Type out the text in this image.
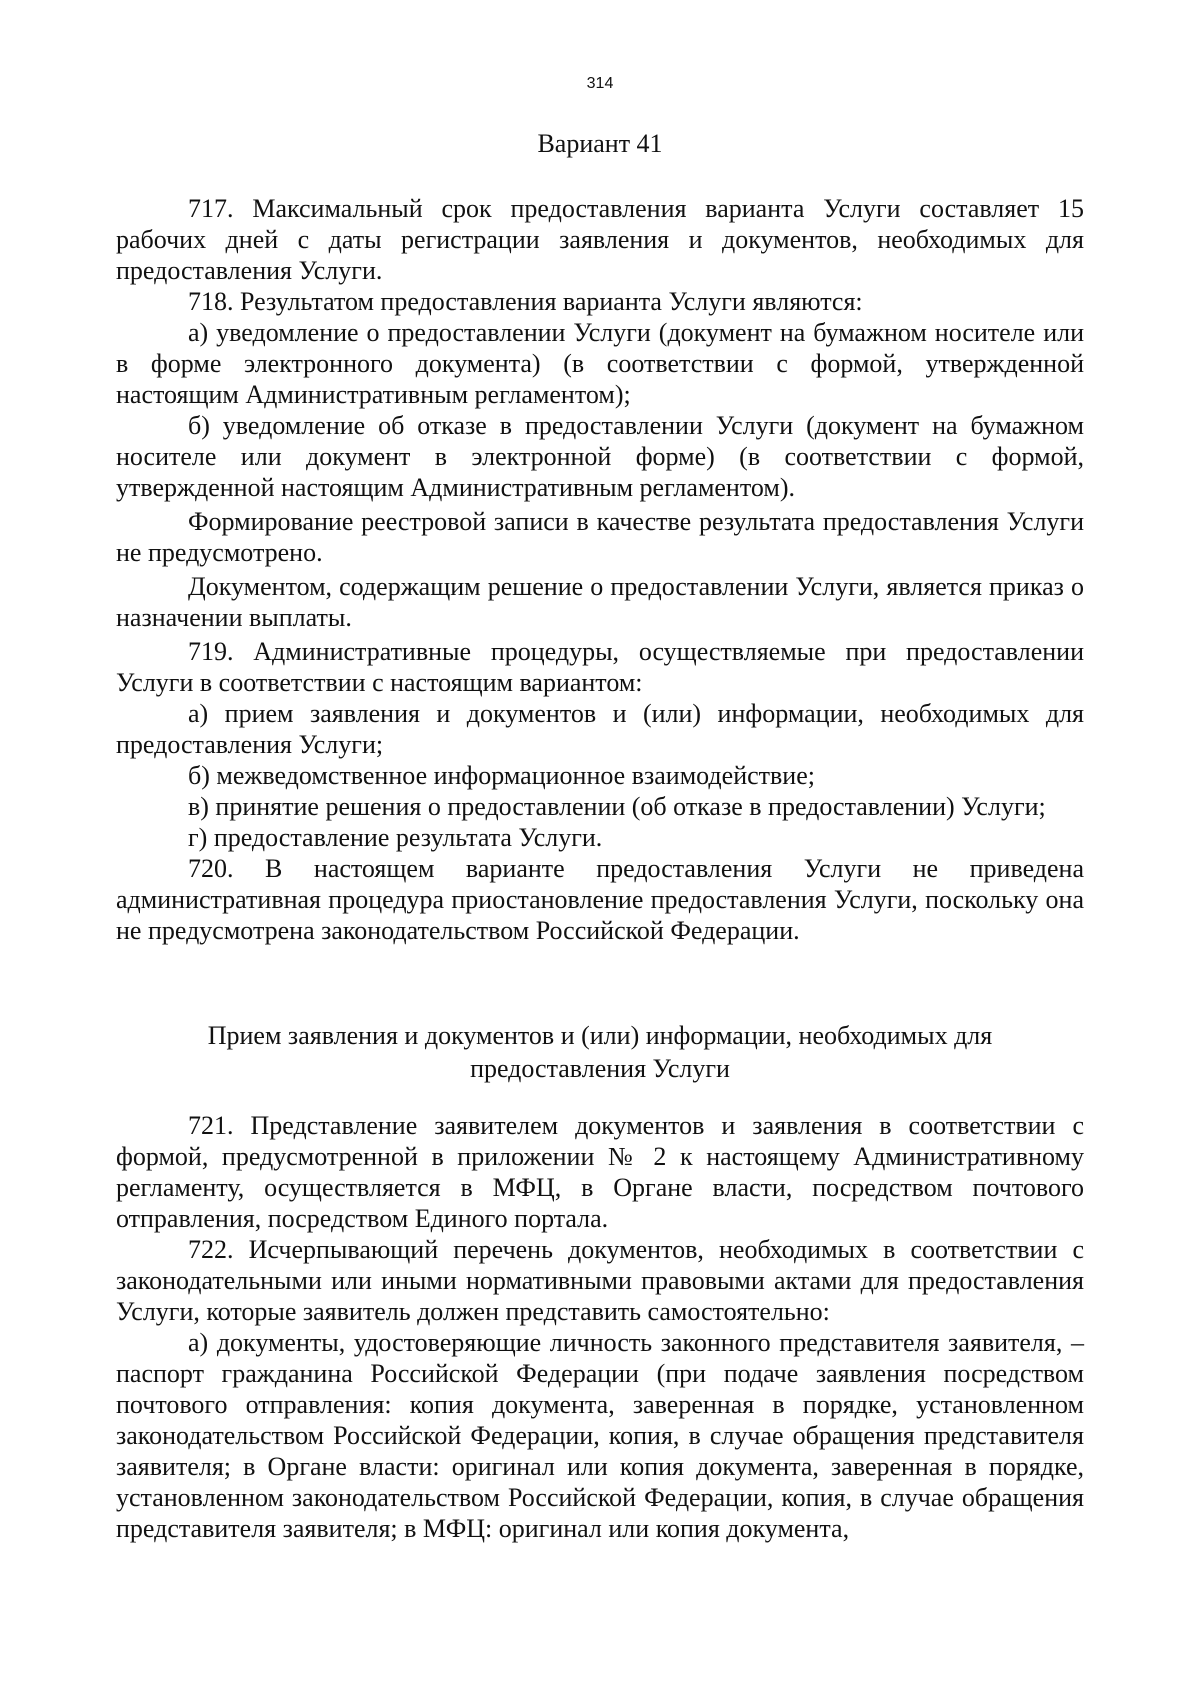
314
Вариант 41

717. Максимальный срок предоставления варианта Услуги составляет 15 рабочих дней с даты регистрации заявления и документов, необходимых для предоставления Услуги.

718. Результатом предоставления варианта Услуги являются:

а) уведомление о предоставлении Услуги (документ на бумажном носителе или в форме электронного документа) (в соответствии с формой, утвержденной настоящим Административным регламентом);

б) уведомление об отказе в предоставлении Услуги (документ на бумажном носителе или документ в электронной форме) (в соответствии с формой, утвержденной настоящим Административным регламентом).

Формирование реестровой записи в качестве результата предоставления Услуги не предусмотрено.

Документом, содержащим решение о предоставлении Услуги, является приказ о назначении выплаты.

719. Административные процедуры, осуществляемые при предоставлении Услуги в соответствии с настоящим вариантом:

а) прием заявления и документов и (или) информации, необходимых для предоставления Услуги;

б) межведомственное информационное взаимодействие;

в) принятие решения о предоставлении (об отказе в предоставлении) Услуги;

г) предоставление результата Услуги.

720. В настоящем варианте предоставления Услуги не приведена административная процедура приостановление предоставления Услуги, поскольку она не предусмотрена законодательством Российской Федерации.

Прием заявления и документов и (или) информации, необходимых для
предоставления Услуги

721. Представление заявителем документов и заявления в соответствии с формой, предусмотренной в приложении № 2 к настоящему Административному регламенту, осуществляется в МФЦ, в Органе власти, посредством почтового отправления, посредством Единого портала.

722. Исчерпывающий перечень документов, необходимых в соответствии с законодательными или иными нормативными правовыми актами для предоставления Услуги, которые заявитель должен представить самостоятельно:

а) документы, удостоверяющие личность законного представителя заявителя, – паспорт гражданина Российской Федерации (при подаче заявления посредством почтового отправления: копия документа, заверенная в порядке, установленном законодательством Российской Федерации, копия, в случае обращения представителя заявителя; в Органе власти: оригинал или копия документа, заверенная в порядке, установленном законодательством Российской Федерации, копия, в случае обращения представителя заявителя; в МФЦ: оригинал или копия документа,
